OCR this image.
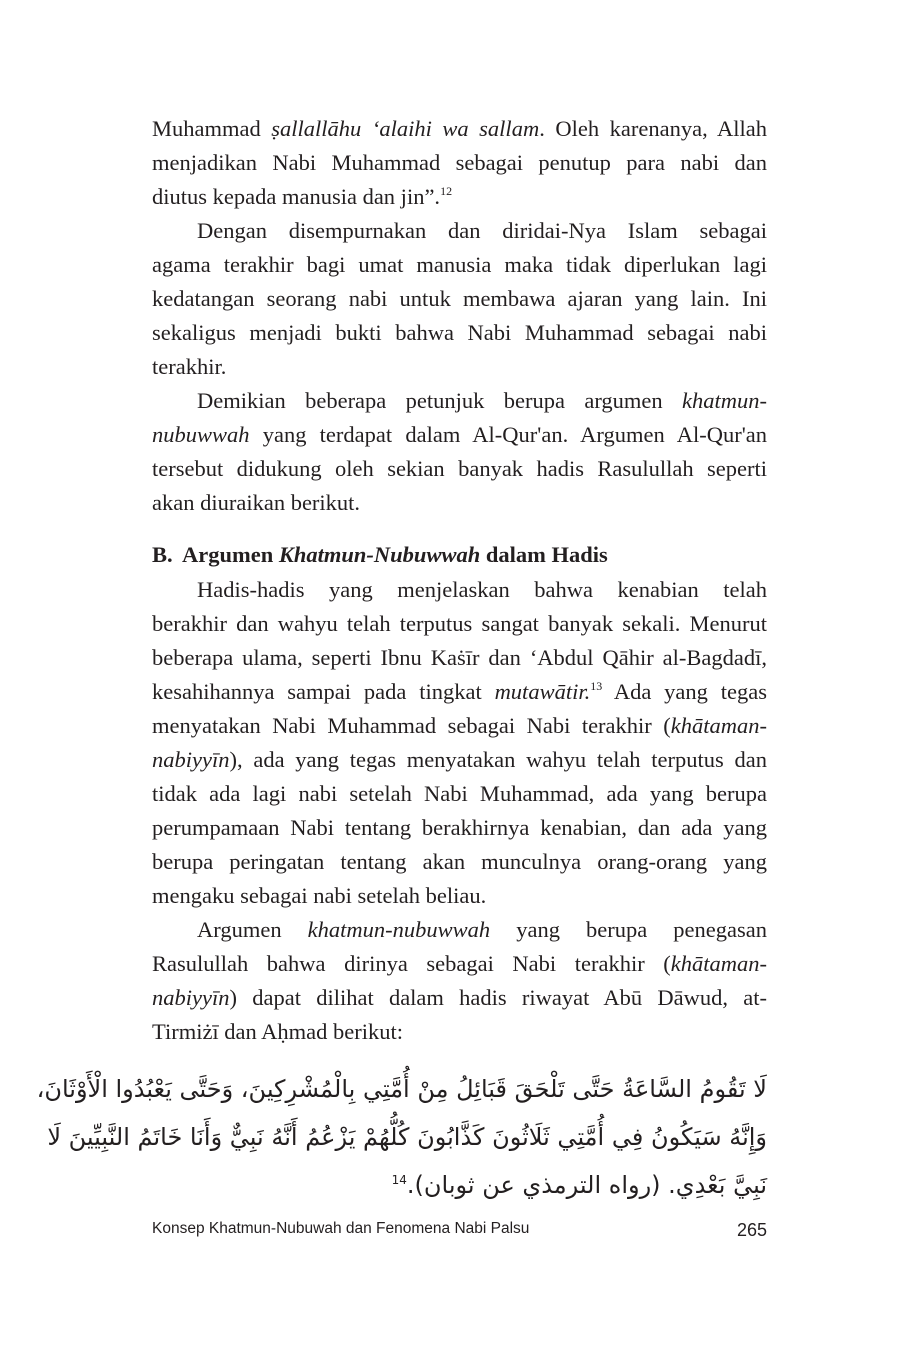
Muhammad ṣallallāhu ‘alaihi wa sallam. Oleh karenanya, Allah
menjadikan Nabi Muhammad sebagai penutup para nabi dan
diutus kepada manusia dan jin”.$^{12}$
Dengan disempurnakan dan diridai-Nya Islam sebagai
agama terakhir bagi umat manusia maka tidak diperlukan lagi
kedatangan seorang nabi untuk membawa ajaran yang lain. Ini
sekaligus menjadi bukti bahwa Nabi Muhammad sebagai nabi
terakhir.
Demikian beberapa petunjuk berupa argumen khatmun-
nubuwwah yang terdapat dalam Al-Qur'an. Argumen Al-Qur'an
tersebut didukung oleh sekian banyak hadis Rasulullah seperti
akan diuraikan berikut.
B. Argumen Khatmun-Nubuwwah dalam Hadis
Hadis-hadis yang menjelaskan bahwa kenabian telah
berakhir dan wahyu telah terputus sangat banyak sekali. Menurut
beberapa ulama, seperti Ibnu Kaṡīr dan ‘Abdul Qāhir al-Bagdadī,
kesahihannya sampai pada tingkat mutawātir.$^{13}$ Ada yang tegas
menyatakan Nabi Muhammad sebagai Nabi terakhir (khātaman-
nabiyyīn), ada yang tegas menyatakan wahyu telah terputus dan
tidak ada lagi nabi setelah Nabi Muhammad, ada yang berupa
perumpamaan Nabi tentang berakhirnya kenabian, dan ada yang
berupa peringatan tentang akan munculnya orang-orang yang
mengaku sebagai nabi setelah beliau.
Argumen khatmun-nubuwwah yang berupa penegasan
Rasulullah bahwa dirinya sebagai Nabi terakhir (khātaman-
nabiyyīn) dapat dilihat dalam hadis riwayat Abū Dāwud, at-
Tirmiżī dan Aḥmad berikut:
لَا تَقُومُ السَّاعَةُ حَتَّى تَلْحَقَ قَبَائِلُ مِنْ أُمَّتِي بِالْمُشْرِكِينَ، وَحَتَّى يَعْبُدُوا الْأَوْثَانَ،
وَإِنَّهُ سَيَكُونُ فِي أُمَّتِي ثَلَاثُونَ كَذَّابُونَ كُلُّهُمْ يَزْعُمُ أَنَّهُ نَبِيٌّ وَأَنَا خَاتَمُ النَّبِيِّينَ لَا
نَبِيَّ بَعْدِي. (رواه الترمذي عن ثوبان).$^{14}$
Konsep Khatmun-Nubuwah dan Fenomena Nabi Palsu	265
